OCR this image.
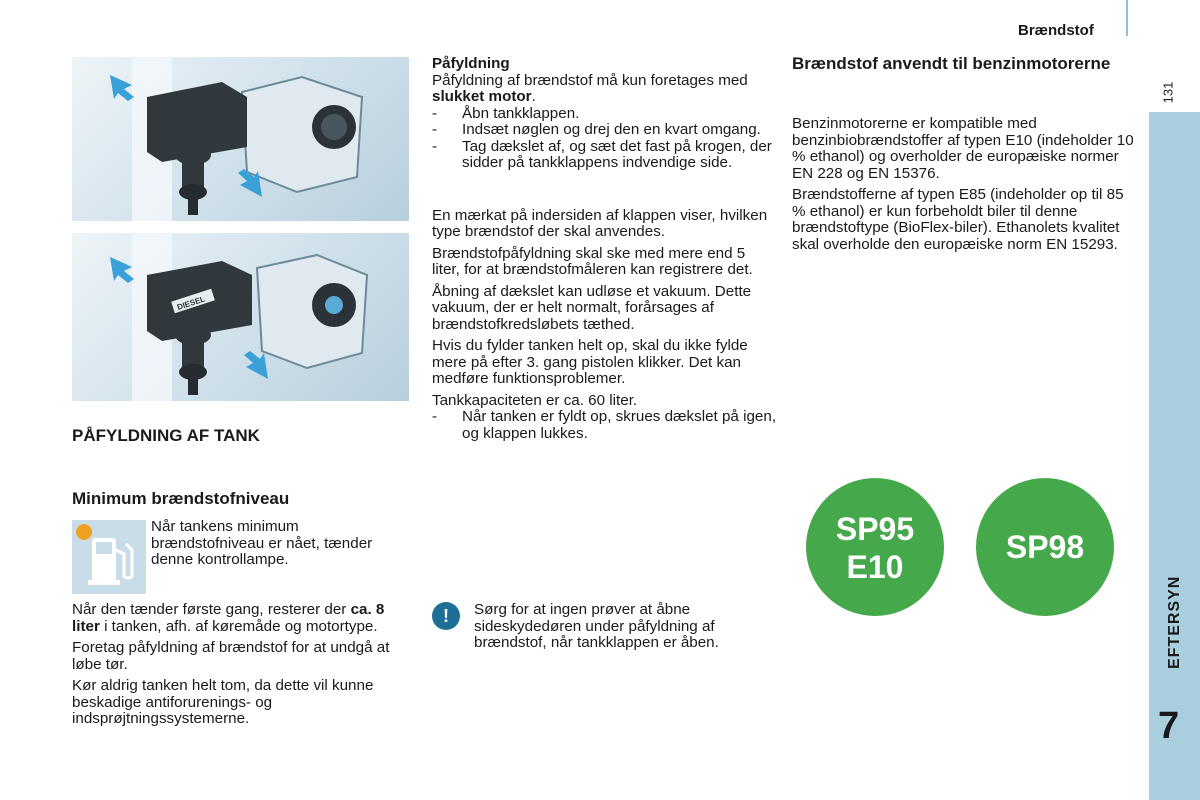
Brændstof
131
EFTERSYN
7
DIESEL
PÅFYLDNING AF TANK
Minimum brændstofniveau
Når tankens minimum brændstofniveau er nået, tænder denne kontrollampe.

Når den tænder første gang, resterer der ca. 8 liter i tanken, afh. af køremåde og motortype.

Foretag påfyldning af brændstof for at undgå at løbe tør.

Kør aldrig tanken helt tom, da dette vil kunne beskadige antiforurenings- og indsprøjtningssystemerne.

Påfyldning
Påfyldning af brændstof må kun foretages med slukket motor.
-	Åbn tankklappen.
-	Indsæt nøglen og drej den en kvart omgang.
-	Tag dækslet af, og sæt det fast på krogen, der sidder på tankklappens indvendige side.
En mærkat på indersiden af klappen viser, hvilken type brændstof der skal anvendes.
Brændstofpåfyldning skal ske med mere end 5 liter, for at brændstofmåleren kan registrere det.
Åbning af dækslet kan udløse et vakuum. Dette vakuum, der er helt normalt, forårsages af brændstofkredsløbets tæthed.
Hvis du fylder tanken helt op, skal du ikke fylde mere på efter 3. gang pistolen klikker. Det kan medføre funktionsproblemer.
Tankkapaciteten er ca. 60 liter.
-	Når tanken er fyldt op, skrues dækslet på igen, og klappen lukkes.
!	Sørg for at ingen prøver at åbne sideskydedøren under påfyldning af brændstof, når tankklappen er åben.
Brændstof anvendt til benzinmotorerne

Benzinmotorerne er kompatible med benzinbiobrændstoffer af typen E10 (indeholder 10 % ethanol) og overholder de europæiske normer EN 228 og EN 15376.

Brændstofferne af typen E85 (indeholder op til 85 % ethanol) er kun forbeholdt biler til denne brændstoftype (BioFlex-biler). Ethanolets kvalitet skal overholde den europæiske norm EN 15293.

SP95
E10
SP98
